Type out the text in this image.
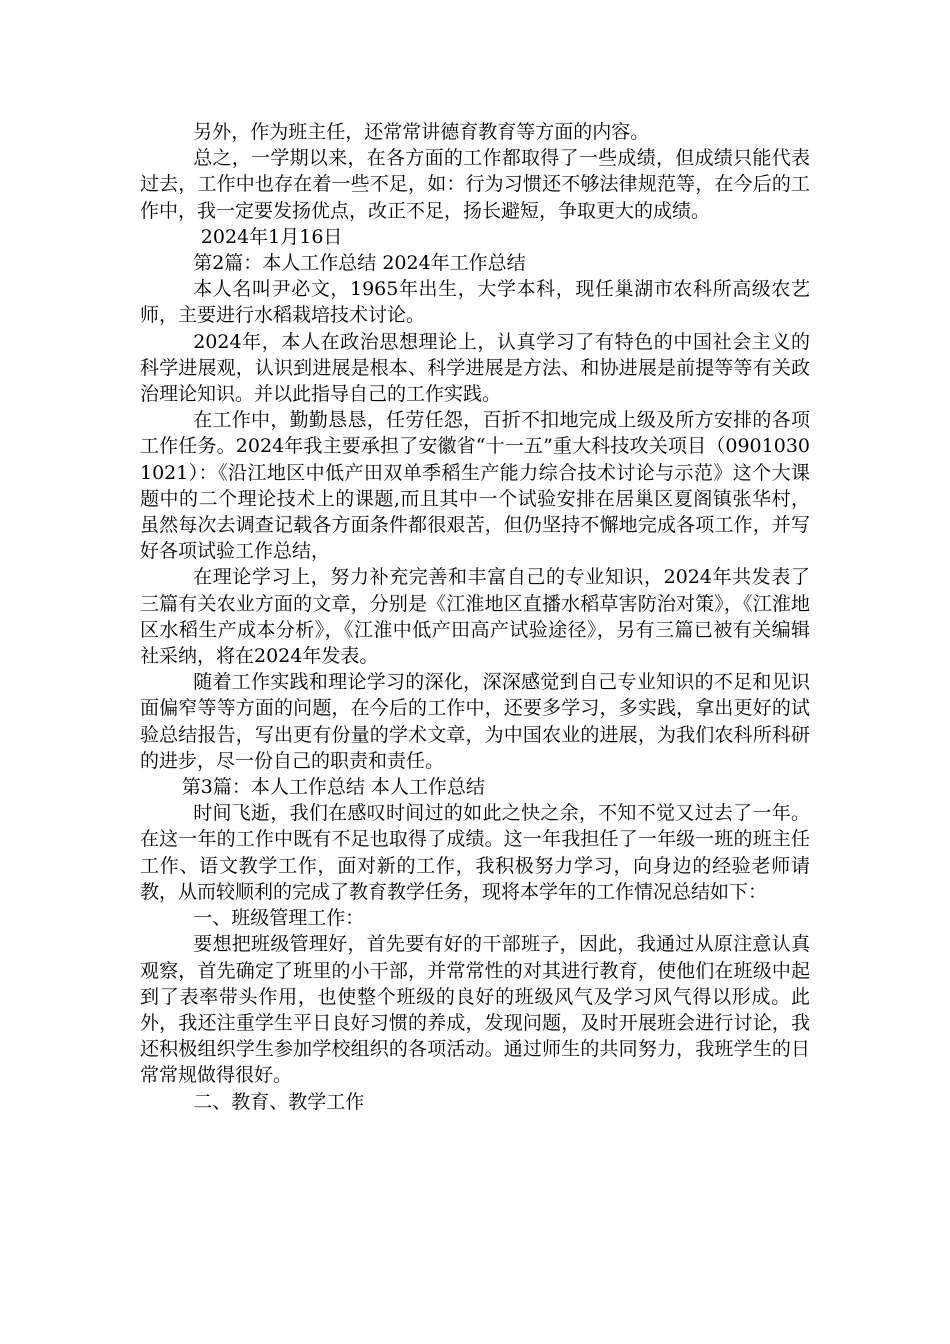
另外，作为班主任，还常常讲德育教育等方面的内容。

总之，一学期以来，在各方面的工作都取得了一些成绩，但成绩只能代表过去，工作中也存在着一些不足，如：行为习惯还不够法律规范等，在今后的工作中，我一定要发扬优点，改正不足，扬长避短，争取更大的成绩。

2024年1月16日

第2篇：本人工作总结 2024年工作总结

本人名叫尹必文，1965年出生，大学本科，现任巢湖市农科所高级农艺师，主要进行水稻栽培技术讨论。

2024年，本人在政治思想理论上，认真学习了有特色的中国社会主义的科学进展观，认识到进展是根本、科学进展是方法、和协进展是前提等等有关政治理论知识。并以此指导自己的工作实践。

在工作中，勤勤恳恳，任劳任怨，百折不扣地完成上级及所方安排的各项工作任务。2024年我主要承担了安徽省“十一五”重大科技攻关项目（09010301021）：《沿江地区中低产田双单季稻生产能力综合技术讨论与示范》这个大课题中的二个理论技术上的课题,而且其中一个试验安排在居巢区夏阁镇张华村，虽然每次去调查记载各方面条件都很艰苦，但仍坚持不懈地完成各项工作，并写好各项试验工作总结，

在理论学习上，努力补充完善和丰富自己的专业知识，2024年共发表了三篇有关农业方面的文章，分别是《江淮地区直播水稻草害防治对策》，《江淮地区水稻生产成本分析》，《江淮中低产田高产试验途径》，另有三篇已被有关编辑社采纳，将在2024年发表。

随着工作实践和理论学习的深化，深深感觉到自己专业知识的不足和见识面偏窄等等方面的问题，在今后的工作中，还要多学习，多实践，拿出更好的试验总结报告，写出更有份量的学术文章，为中国农业的进展，为我们农科所科研的进步，尽一份自己的职责和责任。

第3篇：本人工作总结 本人工作总结

时间飞逝，我们在感叹时间过的如此之快之余，不知不觉又过去了一年。在这一年的工作中既有不足也取得了成绩。这一年我担任了一年级一班的班主任工作、语文教学工作，面对新的工作，我积极努力学习，向身边的经验老师请教，从而较顺利的完成了教育教学任务，现将本学年的工作情况总结如下：

一、班级管理工作：

要想把班级管理好，首先要有好的干部班子，因此，我通过从原注意认真观察，首先确定了班里的小干部，并常常性的对其进行教育，使他们在班级中起到了表率带头作用，也使整个班级的良好的班级风气及学习风气得以形成。此外，我还注重学生平日良好习惯的养成，发现问题，及时开展班会进行讨论，我还积极组织学生参加学校组织的各项活动。通过师生的共同努力，我班学生的日常常规做得很好。

二、教育、教学工作
